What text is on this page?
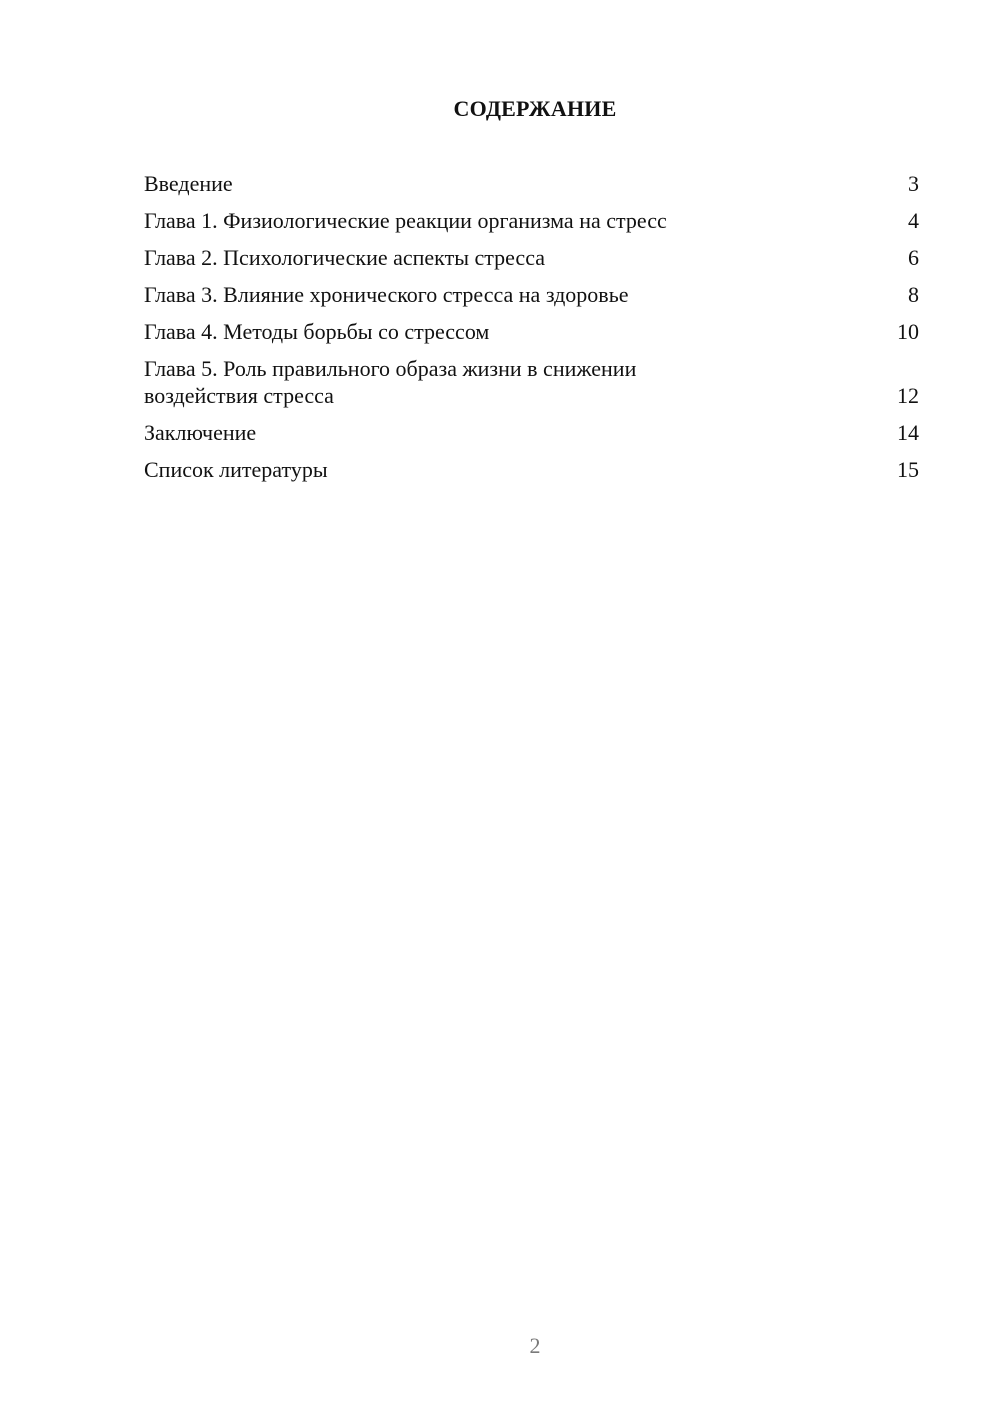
СОДЕРЖАНИЕ
Введение	3
Глава 1. Физиологические реакции организма на стресс	4
Глава 2. Психологические аспекты стресса	6
Глава 3. Влияние хронического стресса на здоровье	8
Глава 4. Методы борьбы со стрессом	10
Глава 5. Роль правильного образа жизни в снижении воздействия стресса	12
Заключение	14
Список литературы	15
2
